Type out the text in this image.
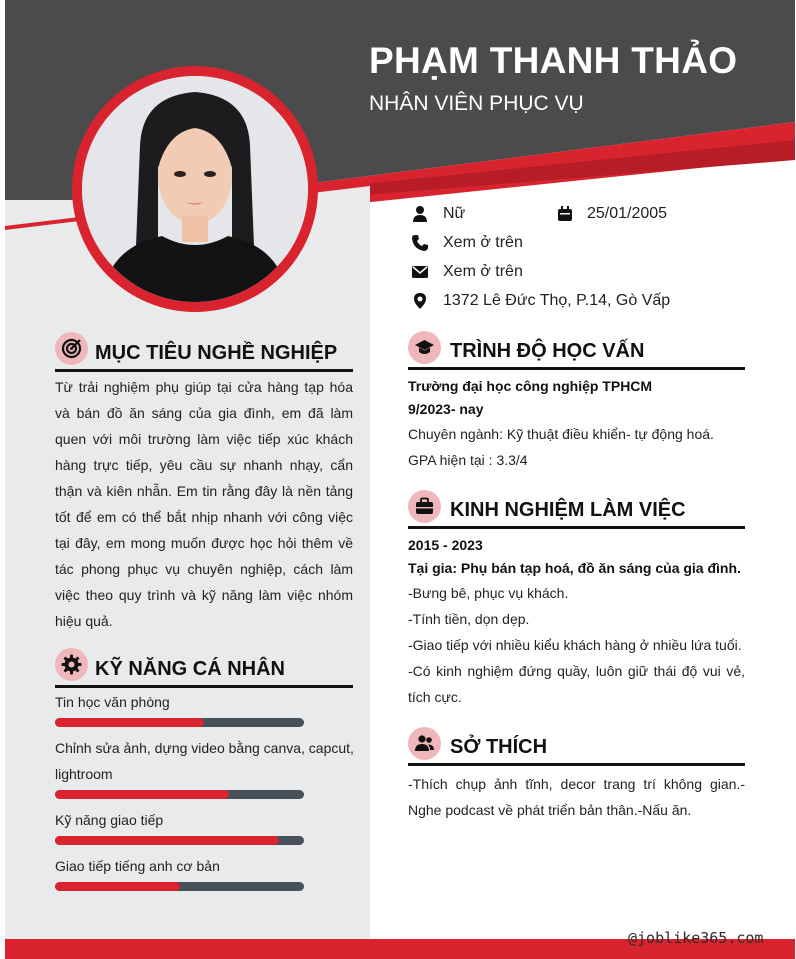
PHẠM THANH THẢO
NHÂN VIÊN PHỤC VỤ
Nữ	25/01/2005
Xem ở trên
Xem ở trên
1372 Lê Đức Thọ, P.14, Gò Vấp
MỤC TIÊU NGHỀ NGHIỆP
Từ trải nghiệm phụ giúp tại cửa hàng tạp hóa và bán đồ ăn sáng của gia đình, em đã làm quen với môi trường làm việc tiếp xúc khách hàng trực tiếp, yêu cầu sự nhanh nhạy, cẩn thận và kiên nhẫn. Em tin rằng đây là nền tảng tốt để em có thể bắt nhịp nhanh với công việc tại đây, em mong muốn được học hỏi thêm về tác phong phục vụ chuyên nghiệp, cách làm việc theo quy trình và kỹ năng làm việc nhóm hiệu quả.
KỸ NĂNG CÁ NHÂN
Tin học văn phòng
Chỉnh sửa ảnh, dựng video bằng canva, capcut, lightroom
Kỹ năng giao tiếp
Giao tiếp tiếng anh cơ bản
TRÌNH ĐỘ HỌC VẤN
Trường đại học công nghiệp TPHCM
9/2023- nay
Chuyên ngành: Kỹ thuật điều khiển- tự động hoá.
GPA hiện tại : 3.3/4
KINH NGHIỆM LÀM VIỆC
2015 - 2023
Tại gia: Phụ bán tạp hoá, đồ ăn sáng của gia đình.
-Bưng bê, phục vụ khách.
-Tính tiền, dọn dẹp.
-Giao tiếp với nhiều kiểu khách hàng ở nhiều lứa tuổi.
-Có kinh nghiệm đứng quầy, luôn giữ thái độ vui vẻ, tích cực.
SỞ THÍCH
-Thích chụp ảnh tĩnh, decor trang trí không gian.- Nghe podcast về phát triển bản thân.-Nấu ăn.
@joblike365.com
